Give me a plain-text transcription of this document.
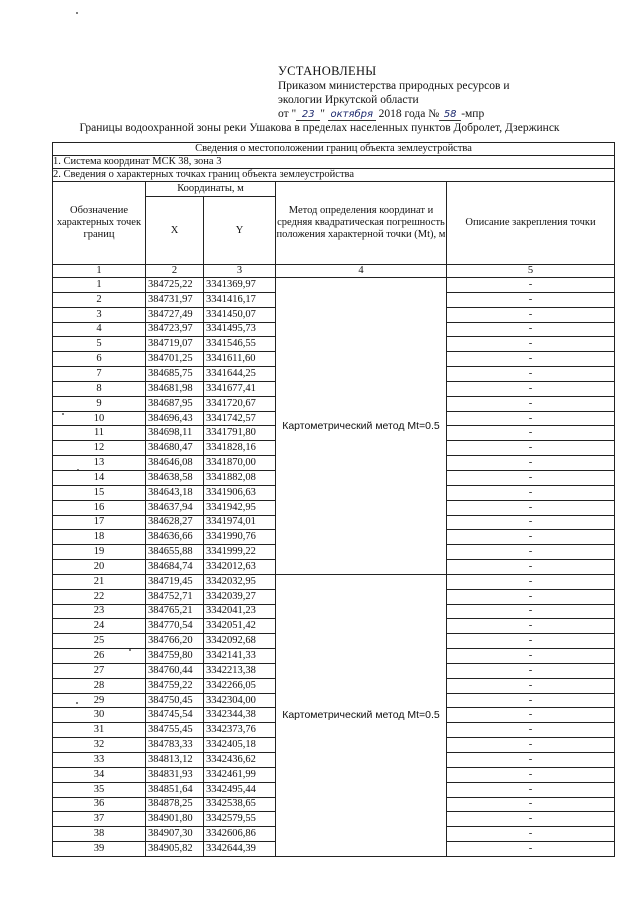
УСТАНОВЛЕНЫ
Приказом министерства природных ресурсов и
экологии Иркутской области
от " 23 " октября 2018 года № 58 -мпр
Границы водоохранной зоны реки Ушакова в пределах населенных пунктов Добролет, Дзержинск
Сведения о местоположении границ объекта землеустройства				
1. Система координат МСК 38, зона 3				
2. Сведения о характерных точках границ объекта землеустройства				
Обозначение характерных точек границ	Координаты, м		Метод определения координат и средняя квадратическая погрешность положения характерной точки (Mt), м	Описание закрепления точки
	X	Y		
1	2	3	4	5
1	384725,22	3341369,97	Картометрический метод Mt=0.5	-
2	384731,97	3341416,17		-
3	384727,49	3341450,07		-
4	384723,97	3341495,73		-
5	384719,07	3341546,55		-
6	384701,25	3341611,60		-
7	384685,75	3341644,25		-
8	384681,98	3341677,41		-
9	384687,95	3341720,67		-
10	384696,43	3341742,57		-
11	384698,11	3341791,80		-
12	384680,47	3341828,16		-
13	384646,08	3341870,00		-
14	384638,58	3341882,08		-
15	384643,18	3341906,63		-
16	384637,94	3341942,95		-
17	384628,27	3341974,01		-
18	384636,66	3341990,76		-
19	384655,88	3341999,22		-
20	384684,74	3342012,63		-
21	384719,45	3342032,95	Картометрический метод Mt=0.5	-
22	384752,71	3342039,27		-
23	384765,21	3342041,23		-
24	384770,54	3342051,42		-
25	384766,20	3342092,68		-
26	384759,80	3342141,33		-
27	384760,44	3342213,38		-
28	384759,22	3342266,05		-
29	384750,45	3342304,00		-
30	384745,54	3342344,38		-
31	384755,45	3342373,76		-
32	384783,33	3342405,18		-
33	384813,12	3342436,62		-
34	384831,93	3342461,99		-
35	384851,64	3342495,44		-
36	384878,25	3342538,65		-
37	384901,80	3342579,55		-
38	384907,30	3342606,86		-
39	384905,82	3342644,39		-
